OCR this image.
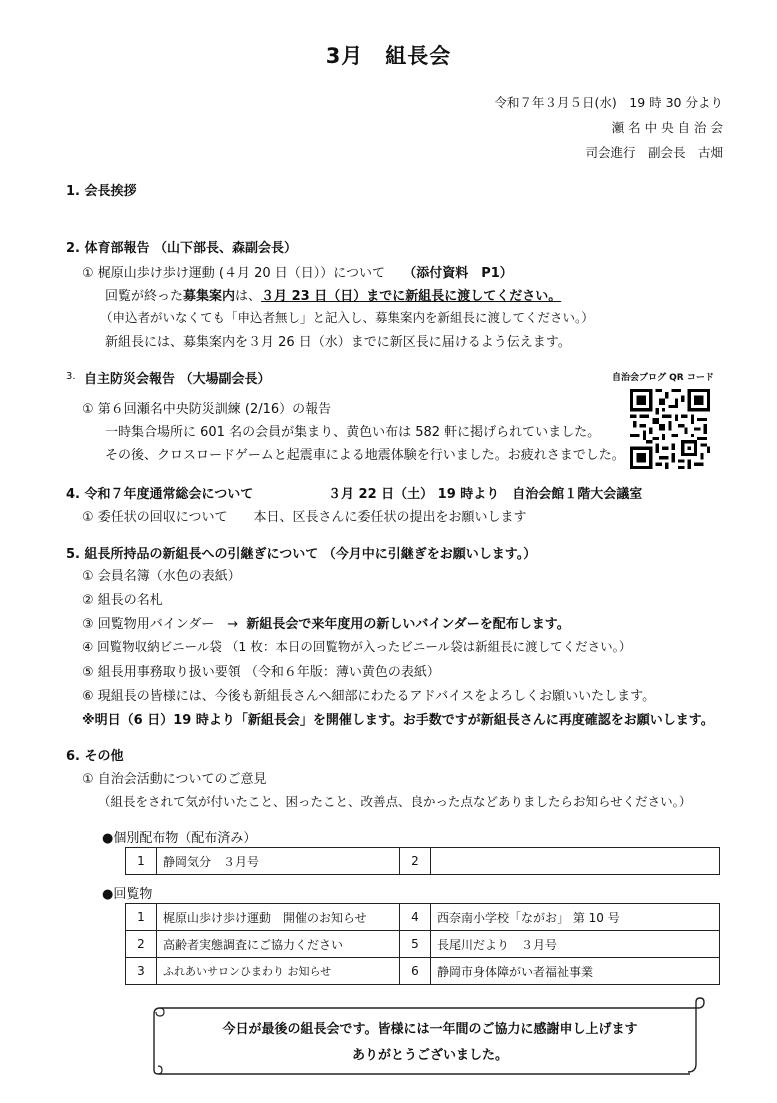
3月　組長会
令和７年３月５日(水)　19 時 30 分より
瀬 名 中 央 自 治 会
司会進行　副会長　古畑
1. 会長挨拶
2. 体育部報告 （山下部長、森副会長）
① 梶原山歩け歩け運動 (４月 20 日（日））について （添付資料　P1）
回覧が終った募集案内は、３月 23 日（日）までに新組長に渡してください。
（申込者がいなくても「申込者無し」と記入し、募集案内を新組長に渡してください。）
新組長には、募集案内を３月 26 日（水）までに新区長に届けるよう伝えます。
3. 自主防災会報告 （大場副会長）
① 第６回瀬名中央防災訓練 (2/16）の報告
一時集合場所に 601 名の会員が集まり、黄色い布は 582 軒に掲げられていました。
その後、クロスロードゲームと起震車による地震体験を行いました。お疲れさまでした。
自治会ブログ QR コード
4. 令和７年度通常総会について	３月 22 日（土） 19 時より　自治会館１階大会議室
① 委任状の回収について　　本日、区長さんに委任状の提出をお願いします
5. 組長所持品の新組長への引継ぎについて （今月中に引継ぎをお願いします。）
① 会員名簿（水色の表紙）
② 組長の名札
③ 回覧物用バインダー　→ 新組長会で来年度用の新しいバインダーを配布します。
④ 回覧物収納ビニール袋 （1 枚：本日の回覧物が入ったビニール袋は新組長に渡してください。）
⑤ 組長用事務取り扱い要領 （令和６年版：薄い黄色の表紙）
⑥ 現組長の皆様には、今後も新組長さんへ細部にわたるアドバイスをよろしくお願いいたします。
※明日（6 日）19 時より「新組長会」を開催します。お手数ですが新組長さんに再度確認をお願いします。
6. その他
① 自治会活動についてのご意見
（組長をされて気が付いたこと、困ったこと、改善点、良かった点などありましたらお知らせください。）
●個別配布物（配布済み）
1	静岡気分　３月号	2	
●回覧物
1	梶原山歩け歩け運動　開催のお知らせ	4	西奈南小学校「ながお」 第 10 号
2	高齢者実態調査にご協力ください	5	長尾川だより　３月号
3	ふれあいサロンひまわり お知らせ	6	静岡市身体障がい者福祉事業
今日が最後の組長会です。皆様には一年間のご協力に感謝申し上げます
ありがとうございました。
